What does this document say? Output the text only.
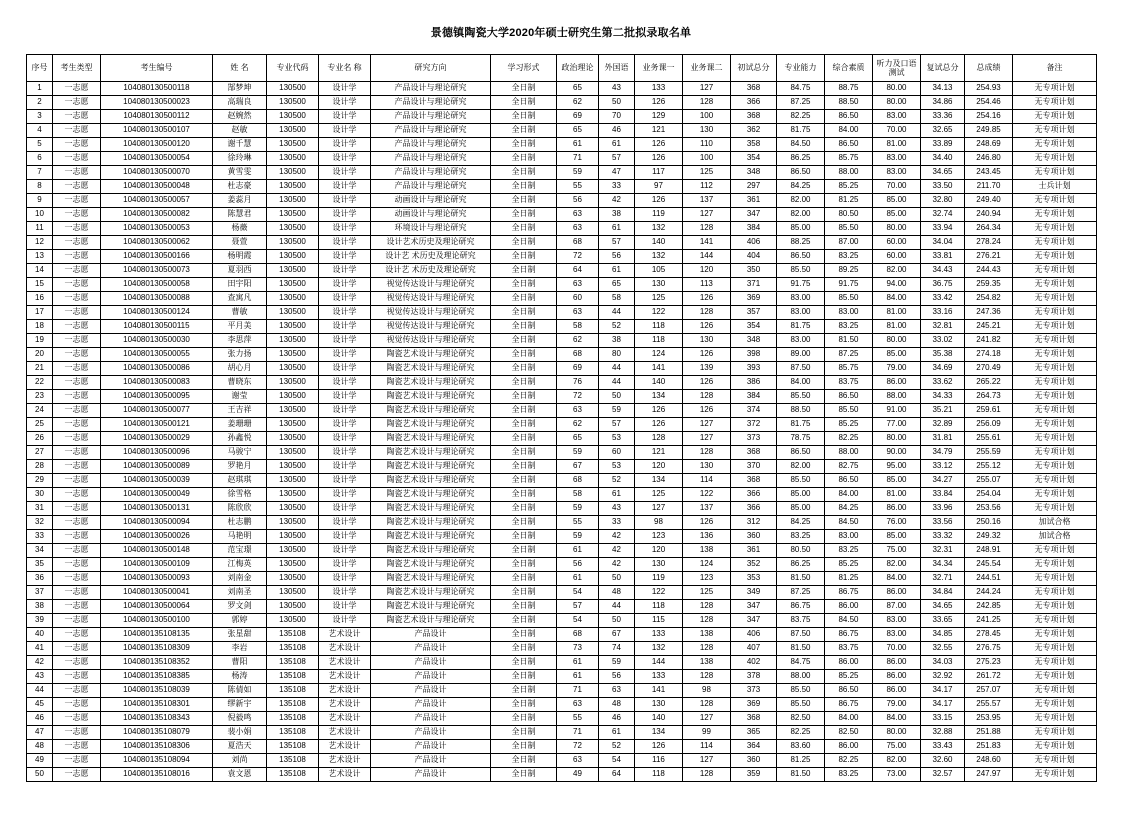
景德镇陶瓷大学2020年硕士研究生第二批拟录取名单
序号	考生类型	考生编号	姓 名	专业代码	专业名 称	研究方向	学习形式	政治理论	外国语	业务课一	业务课二	初试总分	专业能力	综合素质	听力及口语测试	复试总分	总成绩	备注

1	一志愿	104080130500118	郜梦坤	130500	设计学	产品设计与理论研究	全日制	65	43	133	127	368	84.75	88.75	80.00	34.13	254.93	无专项计划
2	一志愿	104080130500023	高瑞良	130500	设计学	产品设计与理论研究	全日制	62	50	126	128	366	87.25	88.50	80.00	34.86	254.46	无专项计划
3	一志愿	104080130500112	赵婉然	130500	设计学	产品设计与理论研究	全日制	69	70	129	100	368	82.25	86.50	83.00	33.36	254.16	无专项计划
4	一志愿	104080130500107	赵敏	130500	设计学	产品设计与理论研究	全日制	65	46	121	130	362	81.75	84.00	70.00	32.65	249.85	无专项计划
5	一志愿	104080130500120	谢千慧	130500	设计学	产品设计与理论研究	全日制	61	61	126	110	358	84.50	86.50	81.00	33.89	248.69	无专项计划
6	一志愿	104080130500054	徐玲琳	130500	设计学	产品设计与理论研究	全日制	71	57	126	100	354	86.25	85.75	83.00	34.40	246.80	无专项计划
7	一志愿	104080130500070	黄雪雯	130500	设计学	产品设计与理论研究	全日制	59	47	117	125	348	86.50	88.00	83.00	34.65	243.45	无专项计划
8	一志愿	104080130500048	杜志豪	130500	设计学	产品设计与理论研究	全日制	55	33	97	112	297	84.25	85.25	70.00	33.50	211.70	士兵计划
9	一志愿	104080130500057	姜蕊月	130500	设计学	动画设计与理论研究	全日制	56	42	126	137	361	82.00	81.25	85.00	32.80	249.40	无专项计划
10	一志愿	104080130500082	陈慧君	130500	设计学	动画设计与理论研究	全日制	63	38	119	127	347	82.00	80.50	85.00	32.74	240.94	无专项计划
11	一志愿	104080130500053	杨薇	130500	设计学	环境设计与理论研究	全日制	63	61	132	128	384	85.00	85.50	80.00	33.94	264.34	无专项计划
12	一志愿	104080130500062	聂萱	130500	设计学	设计艺术历史及理论研究	全日制	68	57	140	141	406	88.25	87.00	60.00	34.04	278.24	无专项计划
13	一志愿	104080130500166	杨明霞	130500	设计学	设计艺 术历史及理论研究	全日制	72	56	132	144	404	86.50	83.25	60.00	33.81	276.21	无专项计划
14	一志愿	104080130500073	夏羽西	130500	设计学	设计艺 术历史及理论研究	全日制	64	61	105	120	350	85.50	89.25	82.00	34.43	244.43	无专项计划
15	一志愿	104080130500058	田宇阳	130500	设计学	视觉传达设计与理论研究	全日制	63	65	130	113	371	91.75	91.75	94.00	36.75	259.35	无专项计划
16	一志愿	104080130500088	查寓凡	130500	设计学	视觉传达设计与理论研究	全日制	60	58	125	126	369	83.00	85.50	84.00	33.42	254.82	无专项计划
17	一志愿	104080130500124	曹敏	130500	设计学	视觉传达设计与理论研究	全日制	63	44	122	128	357	83.00	83.00	81.00	33.16	247.36	无专项计划
18	一志愿	104080130500115	平月美	130500	设计学	视觉传达设计与理论研究	全日制	58	52	118	126	354	81.75	83.25	81.00	32.81	245.21	无专项计划
19	一志愿	104080130500030	李思萍	130500	设计学	视觉传达设计与理论研究	全日制	62	38	118	130	348	83.00	81.50	80.00	33.02	241.82	无专项计划
20	一志愿	104080130500055	张力扬	130500	设计学	陶瓷艺术设计与理论研究	全日制	68	80	124	126	398	89.00	87.25	85.00	35.38	274.18	无专项计划
21	一志愿	104080130500086	胡心月	130500	设计学	陶瓷艺术设计与理论研究	全日制	69	44	141	139	393	87.50	85.75	79.00	34.69	270.49	无专项计划
22	一志愿	104080130500083	曹晓东	130500	设计学	陶瓷艺术设计与理论研究	全日制	76	44	140	126	386	84.00	83.75	86.00	33.62	265.22	无专项计划
23	一志愿	104080130500095	谢莹	130500	设计学	陶瓷艺术设计与理论研究	全日制	72	50	134	128	384	85.50	86.50	88.00	34.33	264.73	无专项计划
24	一志愿	104080130500077	王吉祥	130500	设计学	陶瓷艺术设计与理论研究	全日制	63	59	126	126	374	88.50	85.50	91.00	35.21	259.61	无专项计划
25	一志愿	104080130500121	姜珊珊	130500	设计学	陶瓷艺术设计与理论研究	全日制	62	57	126	127	372	81.75	85.25	77.00	32.89	256.09	无专项计划
26	一志愿	104080130500029	孙鑫悦	130500	设计学	陶瓷艺术设计与理论研究	全日制	65	53	128	127	373	78.75	82.25	80.00	31.81	255.61	无专项计划
27	一志愿	104080130500096	马骏宁	130500	设计学	陶瓷艺术设计与理论研究	全日制	59	60	121	128	368	86.50	88.00	90.00	34.79	255.59	无专项计划
28	一志愿	104080130500089	罗艳月	130500	设计学	陶瓷艺术设计与理论研究	全日制	67	53	120	130	370	82.00	82.75	95.00	33.12	255.12	无专项计划
29	一志愿	104080130500039	赵琪琪	130500	设计学	陶瓷艺术设计与理论研究	全日制	68	52	134	114	368	85.50	86.50	85.00	34.27	255.07	无专项计划
30	一志愿	104080130500049	徐雪格	130500	设计学	陶瓷艺术设计与理论研究	全日制	58	61	125	122	366	85.00	84.00	81.00	33.84	254.04	无专项计划
31	一志愿	104080130500131	陈欣欣	130500	设计学	陶瓷艺术设计与理论研究	全日制	59	43	127	137	366	85.00	84.25	86.00	33.96	253.56	无专项计划
32	一志愿	104080130500094	杜志鹏	130500	设计学	陶瓷艺术设计与理论研究	全日制	55	33	98	126	312	84.25	84.50	76.00	33.56	250.16	加试合格
33	一志愿	104080130500026	马艳明	130500	设计学	陶瓷艺术设计与理论研究	全日制	59	42	123	136	360	83.25	83.00	85.00	33.32	249.32	加试合格
34	一志愿	104080130500148	范宝璟	130500	设计学	陶瓷艺术设计与理论研究	全日制	61	42	120	138	361	80.50	83.25	75.00	32.31	248.91	无专项计划
35	一志愿	104080130500109	江梅英	130500	设计学	陶瓷艺术设计与理论研究	全日制	56	42	130	124	352	86.25	85.25	82.00	34.34	245.54	无专项计划
36	一志愿	104080130500093	刘南金	130500	设计学	陶瓷艺术设计与理论研究	全日制	61	50	119	123	353	81.50	81.25	84.00	32.71	244.51	无专项计划
37	一志愿	104080130500041	刘南圣	130500	设计学	陶瓷艺术设计与理论研究	全日制	54	48	122	125	349	87.25	86.75	86.00	34.84	244.24	无专项计划
38	一志愿	104080130500064	罗文剑	130500	设计学	陶瓷艺术设计与理论研究	全日制	57	44	118	128	347	86.75	86.00	87.00	34.65	242.85	无专项计划
39	一志愿	104080130500100	郭婷	130500	设计学	陶瓷艺术设计与理论研究	全日制	54	50	115	128	347	83.75	84.50	83.00	33.65	241.25	无专项计划
40	一志愿	104080135108135	张星甜	135108	艺术设计	产品设计	全日制	68	67	133	138	406	87.50	86.75	83.00	34.85	278.45	无专项计划
41	一志愿	104080135108309	李岩	135108	艺术设计	产品设计	全日制	73	74	132	128	407	81.50	83.75	70.00	32.55	276.75	无专项计划
42	一志愿	104080135108352	曹阳	135108	艺术设计	产品设计	全日制	61	59	144	138	402	84.75	86.00	86.00	34.03	275.23	无专项计划
43	一志愿	104080135108385	杨涛	135108	艺术设计	产品设计	全日制	61	56	133	128	378	88.00	85.25	86.00	32.92	261.72	无专项计划
44	一志愿	104080135108039	陈倩如	135108	艺术设计	产品设计	全日制	71	63	141	98	373	85.50	86.50	86.00	34.17	257.07	无专项计划
45	一志愿	104080135108301	缪新宇	135108	艺术设计	产品设计	全日制	63	48	130	128	369	85.50	86.75	79.00	34.17	255.57	无专项计划
46	一志愿	104080135108343	倪毅鸣	135108	艺术设计	产品设计	全日制	55	46	140	127	368	82.50	84.00	84.00	33.15	253.95	无专项计划
47	一志愿	104080135108079	裴小娟	135108	艺术设计	产品设计	全日制	71	61	134	99	365	82.25	82.50	80.00	32.88	251.88	无专项计划
48	一志愿	104080135108306	夏浩天	135108	艺术设计	产品设计	全日制	72	52	126	114	364	83.60	86.00	75.00	33.43	251.83	无专项计划
49	一志愿	104080135108094	刘尚	135108	艺术设计	产品设计	全日制	63	54	116	127	360	81.25	82.25	82.00	32.60	248.60	无专项计划
50	一志愿	104080135108016	袁文恩	135108	艺术设计	产品设计	全日制	49	64	118	128	359	81.50	83.25	73.00	32.57	247.97	无专项计划
